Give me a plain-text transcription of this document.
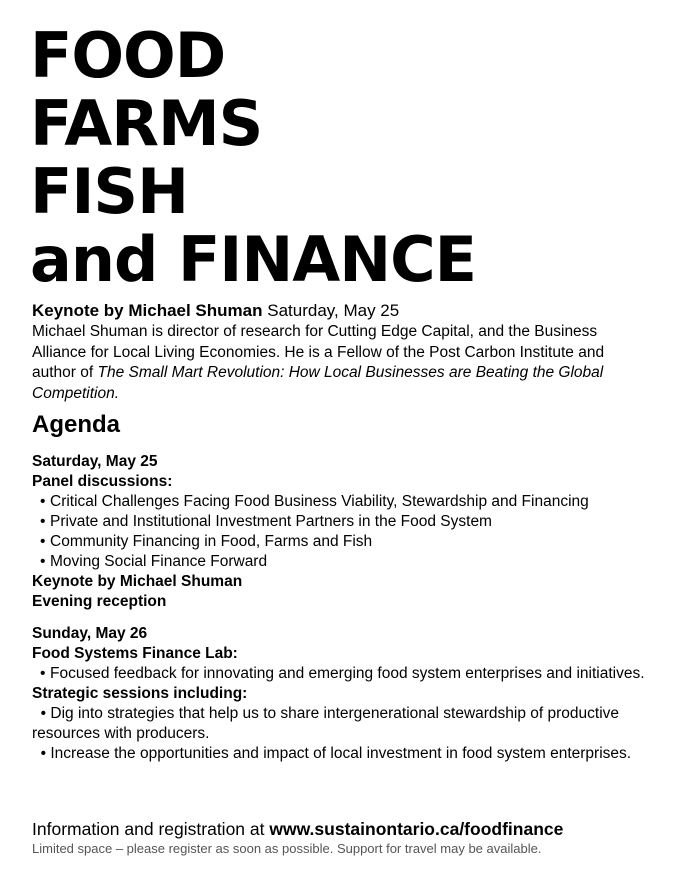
FOOD
FARMS
FISH
and FINANCE
Keynote by Michael Shuman Saturday, May 25
Michael Shuman is director of research for Cutting Edge Capital, and the Business Alliance for Local Living Economies. He is a Fellow of the Post Carbon Institute and author of The Small Mart Revolution: How Local Businesses are Beating the Global Competition.
Agenda
Saturday, May 25
Panel discussions:
• Critical Challenges Facing Food Business Viability, Stewardship and Financing
• Private and Institutional Investment Partners in the Food System
• Community Financing in Food, Farms and Fish
• Moving Social Finance Forward
Keynote by Michael Shuman
Evening reception
Sunday, May 26
Food Systems Finance Lab:
• Focused feedback for innovating and emerging food system enterprises and initiatives.
Strategic sessions including:
• Dig into strategies that help us to share intergenerational stewardship of productive resources with producers.
• Increase the opportunities and impact of local investment in food system enterprises.
Information and registration at www.sustainontario.ca/foodfinance
Limited space – please register as soon as possible. Support for travel may be available.
